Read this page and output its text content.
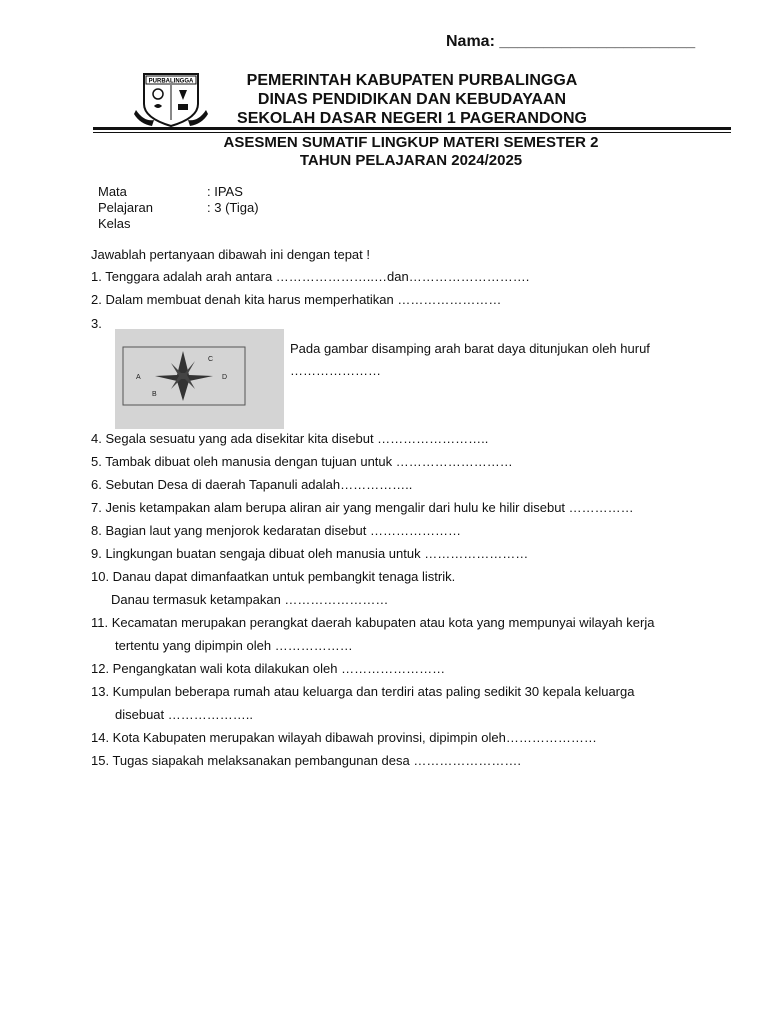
Nama: ______________________
PURBALINGGA	PEMERINTAH KABUPATEN PURBALINGGA
DINAS PENDIDIKAN DAN KEBUDAYAAN
SEKOLAH DASAR NEGERI 1 PAGERANDONG
ASESMEN SUMATIF LINGKUP MATERI SEMESTER 2
TAHUN PELAJARAN 2024/2025
Mata
Pelajaran
Kelas
: IPAS
: 3 (Tiga)
Jawablah pertanyaan dibawah ini dengan tepat !
1. Tenggara adalah arah antara …………………..…dan……………………….
2. Dalam membuat denah kita harus memperhatikan ……………………
3.
C
A	D
B
Pada gambar disamping arah barat daya ditunjukan oleh huruf
…………………
4. Segala sesuatu yang ada disekitar kita disebut ……………………..
5. Tambak dibuat oleh manusia dengan tujuan untuk ………………………
6. Sebutan Desa di daerah Tapanuli adalah……………..
7. Jenis ketampakan alam berupa aliran air yang mengalir dari hulu ke hilir disebut ……………
8. Bagian laut yang menjorok kedaratan disebut …………………
9. Lingkungan buatan sengaja dibuat oleh manusia untuk ……………………
10. Danau dapat dimanfaatkan untuk pembangkit tenaga listrik.
Danau termasuk ketampakan ……………………
11. Kecamatan merupakan perangkat daerah kabupaten atau kota yang mempunyai wilayah kerja
tertentu yang dipimpin oleh ………………
12. Pengangkatan wali kota dilakukan oleh ……………………
13. Kumpulan beberapa rumah atau keluarga dan terdiri atas paling sedikit 30 kepala keluarga
disebuat ………………..
14. Kota Kabupaten merupakan wilayah dibawah provinsi, dipimpin oleh…………………
15. Tugas siapakah melaksanakan pembangunan desa …………………….
